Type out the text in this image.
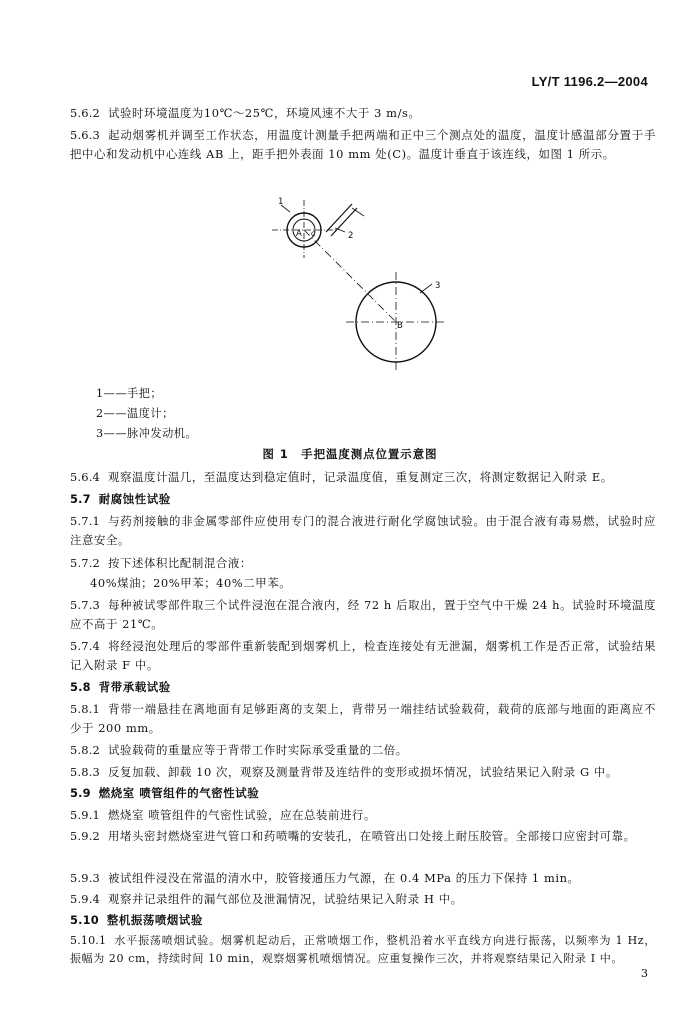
LY/T 1196.2—2004
5.6.2 试验时环境温度为10℃～25℃，环境风速不大于 3 m/s。
5.6.3 起动烟雾机并调至工作状态，用温度计测量手把两端和正中三个测点处的温度，温度计感温部分置于手把中心和发动机中心连线 AB 上，距手把外表面 10 mm 处(C)。温度计垂直于该连线，如图 1 所示。
1
2
3
A C
B
1——手把；
2——温度计；
3——脉冲发动机。
图 1　手把温度测点位置示意图
5.6.4 观察温度计温几，至温度达到稳定值时，记录温度值，重复测定三次，将测定数据记入附录 E。
5.7 耐腐蚀性试验
5.7.1 与药剂接触的非金属零部件应使用专门的混合液进行耐化学腐蚀试验。由于混合液有毒易燃，试验时应注意安全。
5.7.2 按下述体积比配制混合液：
40%煤油；20%甲苯；40%二甲苯。
5.7.3 每种被试零部件取三个试件浸泡在混合液内，经 72 h 后取出，置于空气中干燥 24 h。试验时环境温度应不高于 21℃。
5.7.4 将经浸泡处理后的零部件重新装配到烟雾机上，检查连接处有无泄漏，烟雾机工作是否正常，试验结果记入附录 F 中。
5.8 背带承载试验
5.8.1 背带一端悬挂在离地面有足够距离的支架上，背带另一端挂结试验载荷，载荷的底部与地面的距离应不少于 200 mm。
5.8.2 试验载荷的重量应等于背带工作时实际承受重量的二倍。
5.8.3 反复加载、卸载 10 次，观察及测量背带及连结件的变形或损坏情况，试验结果记入附录 G 中。
5.9 燃烧室 喷管组件的气密性试验
5.9.1 燃烧室 喷管组件的气密性试验，应在总装前进行。
5.9.2 用堵头密封燃烧室进气管口和药喷嘴的安装孔，在喷管出口处接上耐压胶管。全部接口应密封可靠。
5.9.3 被试组件浸没在常温的清水中，胶管接通压力气源，在 0.4 MPa 的压力下保持 1 min。
5.9.4 观察并记录组件的漏气部位及泄漏情况，试验结果记入附录 H 中。
5.10 整机振荡喷烟试验
5.10.1 水平振荡喷烟试验。烟雾机起动后，正常喷烟工作，整机沿着水平直线方向进行振荡，以频率为 1 Hz，振幅为 20 cm，持续时间 10 min，观察烟雾机喷烟情况。应重复操作三次，并将观察结果记入附录 I 中。
3
